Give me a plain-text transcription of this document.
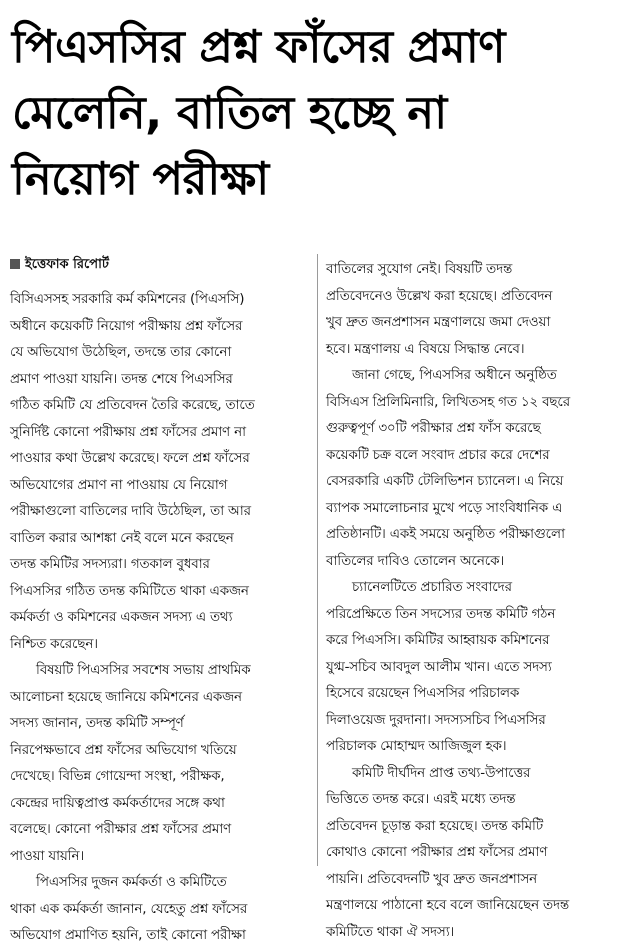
পিএসসির প্রশ্ন ফাঁসের প্রমাণ
মেলেনি, বাতিল হচ্ছে না
নিয়োগ পরীক্ষা
ইত্তেফাক রিপোর্ট

বিসিএসসহ সরকারি কর্ম কমিশনের (পিএসসি)
অধীনে কয়েকটি নিয়োগ পরীক্ষায় প্রশ্ন ফাঁসের
যে অভিযোগ উঠেছিল, তদন্তে তার কোনো
প্রমাণ পাওয়া যায়নি। তদন্ত শেষে পিএসসির
গঠিত কমিটি যে প্রতিবেদন তৈরি করেছে, তাতে
সুনির্দিষ্ট কোনো পরীক্ষায় প্রশ্ন ফাঁসের প্রমাণ না
পাওয়ার কথা উল্লেখ করেছে। ফলে প্রশ্ন ফাঁসের
অভিযোগের প্রমাণ না পাওয়ায় যে নিয়োগ
পরীক্ষাগুলো বাতিলের দাবি উঠেছিল, তা আর
বাতিল করার আশঙ্কা নেই বলে মনে করছেন
তদন্ত কমিটির সদস্যরা। গতকাল বুধবার
পিএসসির গঠিত তদন্ত কমিটিতে থাকা একজন
কর্মকর্তা ও কমিশনের একজন সদস্য এ তথ্য
নিশ্চিত করেছেন।

বিষয়টি পিএসসির সবশেষ সভায় প্রাথমিক
আলোচনা হয়েছে জানিয়ে কমিশনের একজন
সদস্য জানান, তদন্ত কমিটি সম্পূর্ণ
নিরপেক্ষভাবে প্রশ্ন ফাঁসের অভিযোগ খতিয়ে
দেখেছে। বিভিন্ন গোয়েন্দা সংস্থা, পরীক্ষক,
কেন্দ্রের দায়িত্বপ্রাপ্ত কর্মকর্তাদের সঙ্গে কথা
বলেছে। কোনো পরীক্ষার প্রশ্ন ফাঁসের প্রমাণ
পাওয়া যায়নি।

পিএসসির দুজন কর্মকর্তা ও কমিটিতে
থাকা এক কর্মকর্তা জানান, যেহেতু প্রশ্ন ফাঁসের
অভিযোগ প্রমাণিত হয়নি, তাই কোনো পরীক্ষা

বাতিলের সুযোগ নেই। বিষয়টি তদন্ত
প্রতিবেদনেও উল্লেখ করা হয়েছে। প্রতিবেদন
খুব দ্রুত জনপ্রশাসন মন্ত্রণালয়ে জমা দেওয়া
হবে। মন্ত্রণালয় এ বিষয়ে সিদ্ধান্ত নেবে।

জানা গেছে, পিএসসির অধীনে অনুষ্ঠিত
বিসিএস প্রিলিমিনারি, লিখিতসহ গত ১২ বছরে
গুরুত্বপূর্ণ ৩০টি পরীক্ষার প্রশ্ন ফাঁস করেছে
কয়েকটি চক্র বলে সংবাদ প্রচার করে দেশের
বেসরকারি একটি টেলিভিশন চ্যানেল। এ নিয়ে
ব্যাপক সমালোচনার মুখে পড়ে সাংবিধানিক এ
প্রতিষ্ঠানটি। একই সময়ে অনুষ্ঠিত পরীক্ষাগুলো
বাতিলের দাবিও তোলেন অনেকে।

চ্যানেলটিতে প্রচারিত সংবাদের
পরিপ্রেক্ষিতে তিন সদস্যের তদন্ত কমিটি গঠন
করে পিএসসি। কমিটির আহ্বায়ক কমিশনের
যুগ্ম-সচিব আবদুল আলীম খান। এতে সদস্য
হিসেবে রয়েছেন পিএসসির পরিচালক
দিলাওয়েজ দুরদানা। সদস্যসচিব পিএসসির
পরিচালক মোহাম্মদ আজিজুল হক।

কমিটি দীর্ঘদিন প্রাপ্ত তথ্য-উপাত্তের
ভিত্তিতে তদন্ত করে। এরই মধ্যে তদন্ত
প্রতিবেদন চূড়ান্ত করা হয়েছে। তদন্ত কমিটি
কোথাও কোনো পরীক্ষার প্রশ্ন ফাঁসের প্রমাণ
পায়নি। প্রতিবেদনটি খুব দ্রুত জনপ্রশাসন
মন্ত্রণালয়ে পাঠানো হবে বলে জানিয়েছেন তদন্ত
কমিটিতে থাকা ঐ সদস্য।
